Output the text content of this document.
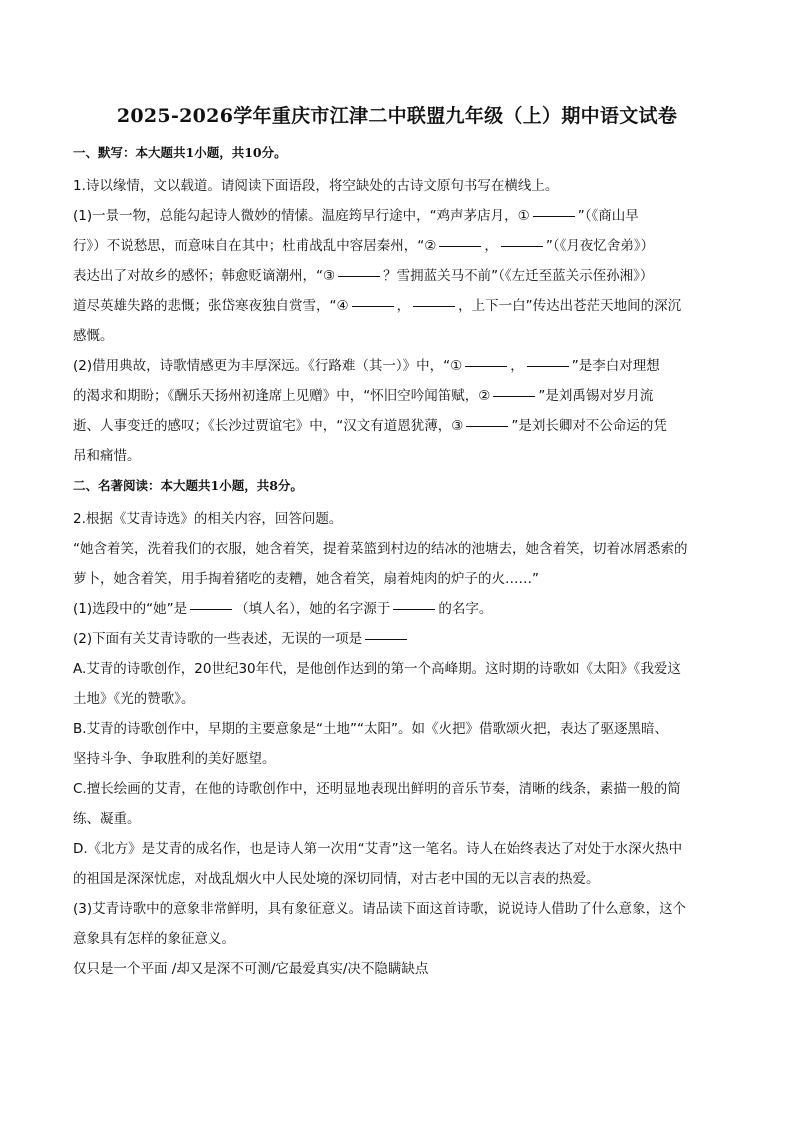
2025-2026学年重庆市江津二中联盟九年级（上）期中语文试卷
一、默写：本大题共1小题，共10分。

1.诗以缘情，文以载道。请阅读下面语段，将空缺处的古诗文原句书写在横线上。

(1)一景一物，总能勾起诗人微妙的情愫。温庭筠早行途中，“鸡声茅店月，①	”（《商山早

行》）不说愁思，而意味自在其中；杜甫战乱中容居秦州，“②	，	”（《月夜忆舍弟》）

表达出了对故乡的感怀；韩愈贬谪潮州，“③	？雪拥蓝关马不前”（《左迁至蓝关示侄孙湘》）

道尽英雄失路的悲慨；张岱寒夜独自赏雪，“④	，	，上下一白”传达出苍茫天地间的深沉

感慨。

(2)借用典故，诗歌情感更为丰厚深远。《行路难（其一）》中，“①	，	”是李白对理想

的渴求和期盼；《酬乐天扬州初逢席上见赠》中，“怀旧空吟闻笛赋，②	”是刘禹锡对岁月流

逝、人事变迁的感叹；《长沙过贾谊宅》中，“汉文有道恩犹薄，③	”是刘长卿对不公命运的凭

吊和痛惜。

二、名著阅读：本大题共1小题，共8分。

2.根据《艾青诗选》的相关内容，回答问题。

“她含着笑，洗着我们的衣服，她含着笑，提着菜篮到村边的结冰的池塘去，她含着笑，切着冰屑悉索的

萝卜，她含着笑，用手掏着猪吃的麦糟，她含着笑，扇着炖肉的炉子的火……”

(1)选段中的“她”是	（填人名），她的名字源于	的名字。

(2)下面有关艾青诗歌的一些表述，无误的一项是

A.艾青的诗歌创作，20世纪30年代，是他创作达到的第一个高峰期。这时期的诗歌如《太阳》《我爱这

土地》《光的赞歌》。

B.艾青的诗歌创作中，早期的主要意象是“土地”“太阳”。如《火把》借歌颂火把，表达了驱逐黑暗、

坚持斗争、争取胜利的美好愿望。

C.擅长绘画的艾青，在他的诗歌创作中，还明显地表现出鲜明的音乐节奏，清晰的线条，素描一般的简

练、凝重。

D.《北方》是艾青的成名作，也是诗人第一次用“艾青”这一笔名。诗人在始终表达了对处于水深火热中

的祖国是深深忧虑，对战乱烟火中人民处境的深切同情，对古老中国的无以言表的热爱。

(3)艾青诗歌中的意象非常鲜明，具有象征意义。请品读下面这首诗歌，说说诗人借助了什么意象，这个

意象具有怎样的象征意义。

仅只是一个平面 /却又是深不可测/它最爱真实/决不隐瞒缺点
